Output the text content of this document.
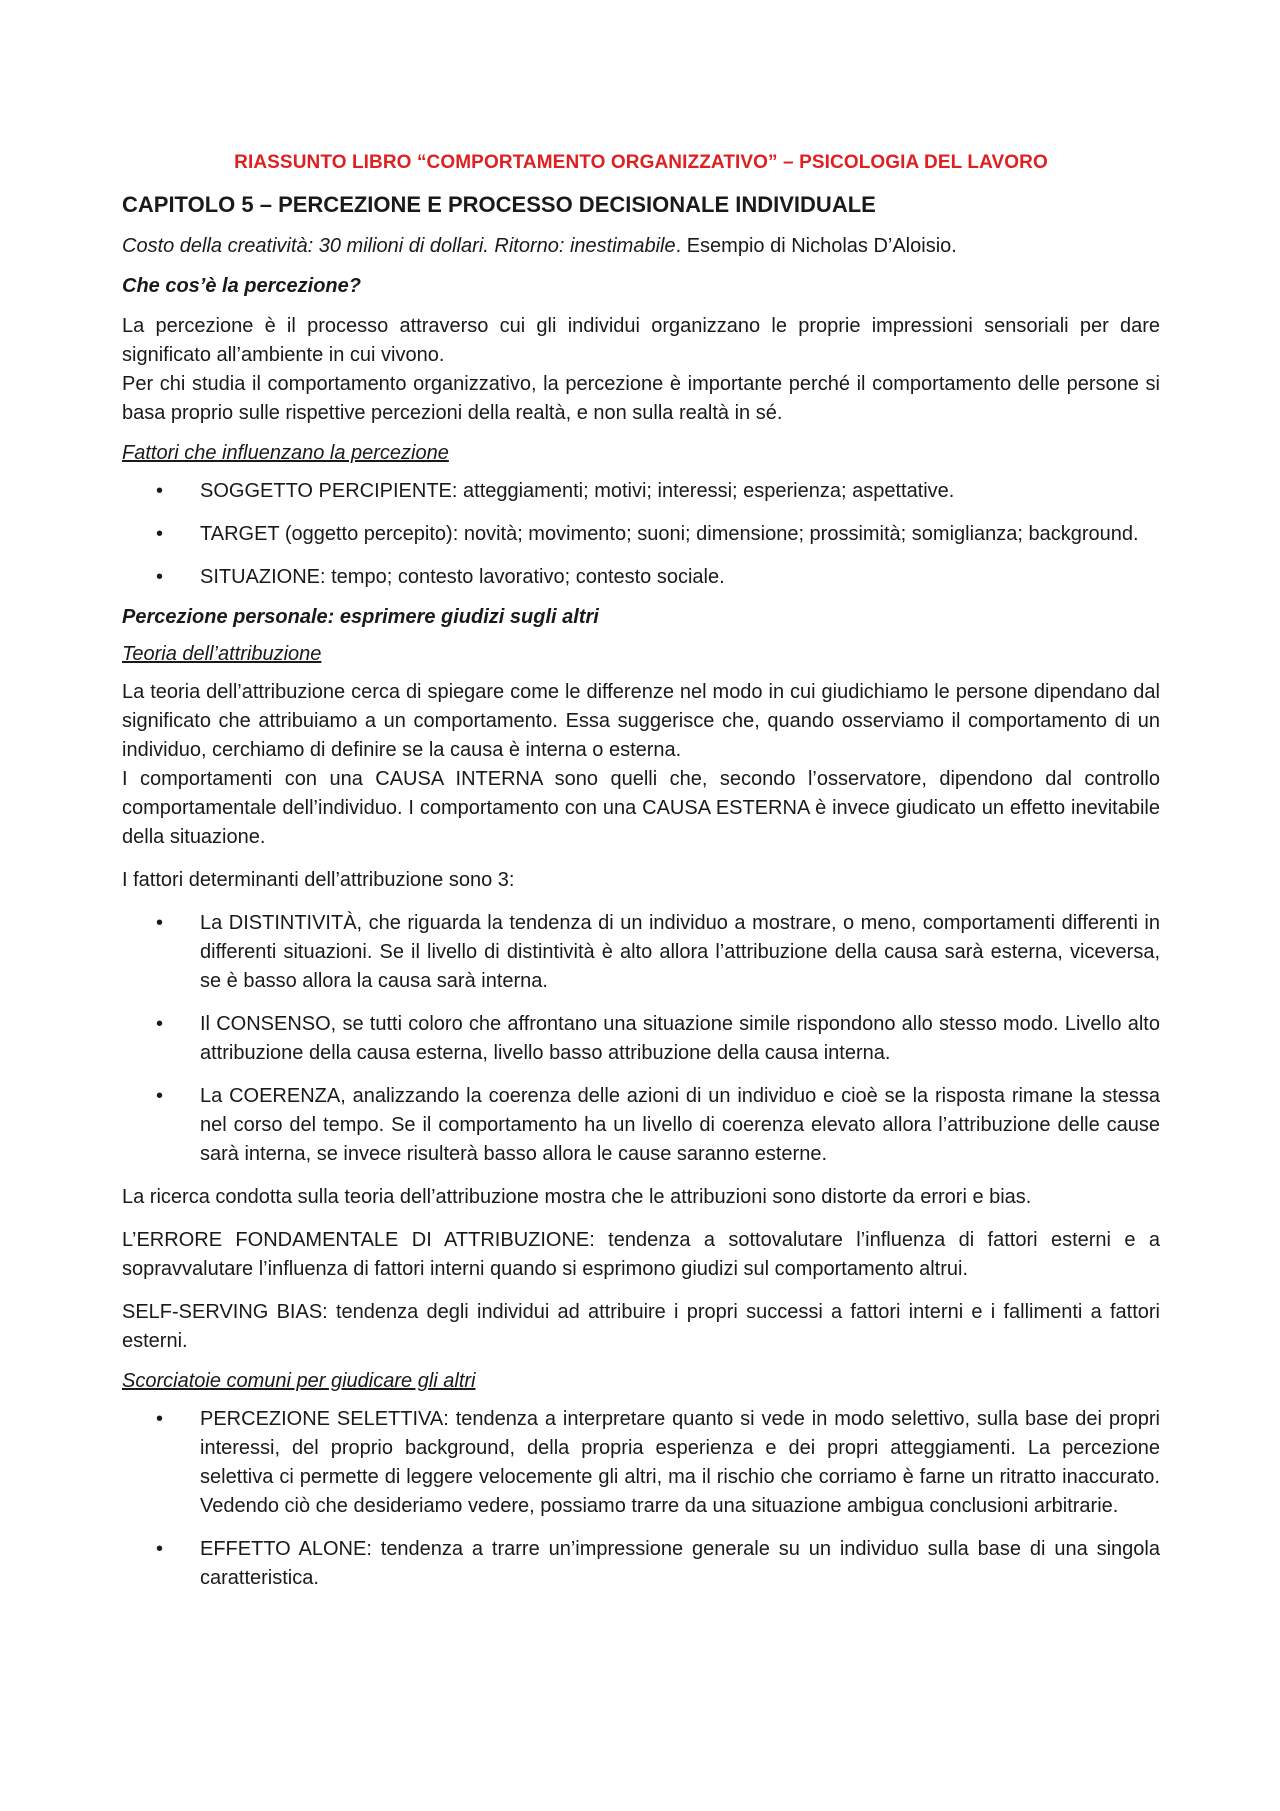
RIASSUNTO LIBRO “COMPORTAMENTO ORGANIZZATIVO” – PSICOLOGIA DEL LAVORO
CAPITOLO 5 – PERCEZIONE E PROCESSO DECISIONALE INDIVIDUALE

Costo della creatività: 30 milioni di dollari. Ritorno: inestimabile. Esempio di Nicholas D’Aloisio.

Che cos’è la percezione?

La percezione è il processo attraverso cui gli individui organizzano le proprie impressioni sensoriali per dare significato all’ambiente in cui vivono.

Per chi studia il comportamento organizzativo, la percezione è importante perché il comportamento delle persone si basa proprio sulle rispettive percezioni della realtà, e non sulla realtà in sé.

Fattori che influenzano la percezione
• SOGGETTO PERCIPIENTE: atteggiamenti; motivi; interessi; esperienza; aspettative.
• TARGET (oggetto percepito): novità; movimento; suoni; dimensione; prossimità; somiglianza; background.
• SITUAZIONE: tempo; contesto lavorativo; contesto sociale.
Percezione personale: esprimere giudizi sugli altri
Teoria dell’attribuzione

La teoria dell’attribuzione cerca di spiegare come le differenze nel modo in cui giudichiamo le persone dipendano dal significato che attribuiamo a un comportamento. Essa suggerisce che, quando osserviamo il comportamento di un individuo, cerchiamo di definire se la causa è interna o esterna.

I comportamenti con una CAUSA INTERNA sono quelli che, secondo l’osservatore, dipendono dal controllo comportamentale dell’individuo. I comportamento con una CAUSA ESTERNA è invece giudicato un effetto inevitabile della situazione.

I fattori determinanti dell’attribuzione sono 3:

• La DISTINTIVITÀ, che riguarda la tendenza di un individuo a mostrare, o meno, comportamenti differenti in differenti situazioni. Se il livello di distintività è alto allora l’attribuzione della causa sarà esterna, viceversa, se è basso allora la causa sarà interna.
• Il CONSENSO, se tutti coloro che affrontano una situazione simile rispondono allo stesso modo. Livello alto attribuzione della causa esterna, livello basso attribuzione della causa interna.
• La COERENZA, analizzando la coerenza delle azioni di un individuo e cioè se la risposta rimane la stessa nel corso del tempo. Se il comportamento ha un livello di coerenza elevato allora l’attribuzione delle cause sarà interna, se invece risulterà basso allora le cause saranno esterne.

La ricerca condotta sulla teoria dell’attribuzione mostra che le attribuzioni sono distorte da errori e bias.

L’ERRORE FONDAMENTALE DI ATTRIBUZIONE: tendenza a sottovalutare l’influenza di fattori esterni e a sopravvalutare l’influenza di fattori interni quando si esprimono giudizi sul comportamento altrui.

SELF-SERVING BIAS: tendenza degli individui ad attribuire i propri successi a fattori interni e i fallimenti a fattori esterni.

Scorciatoie comuni per giudicare gli altri
• PERCEZIONE SELETTIVA: tendenza a interpretare quanto si vede in modo selettivo, sulla base dei propri interessi, del proprio background, della propria esperienza e dei propri atteggiamenti. La percezione selettiva ci permette di leggere velocemente gli altri, ma il rischio che corriamo è farne un ritratto inaccurato. Vedendo ciò che desideriamo vedere, possiamo trarre da una situazione ambigua conclusioni arbitrarie.
• EFFETTO ALONE: tendenza a trarre un’impressione generale su un individuo sulla base di una singola caratteristica.
